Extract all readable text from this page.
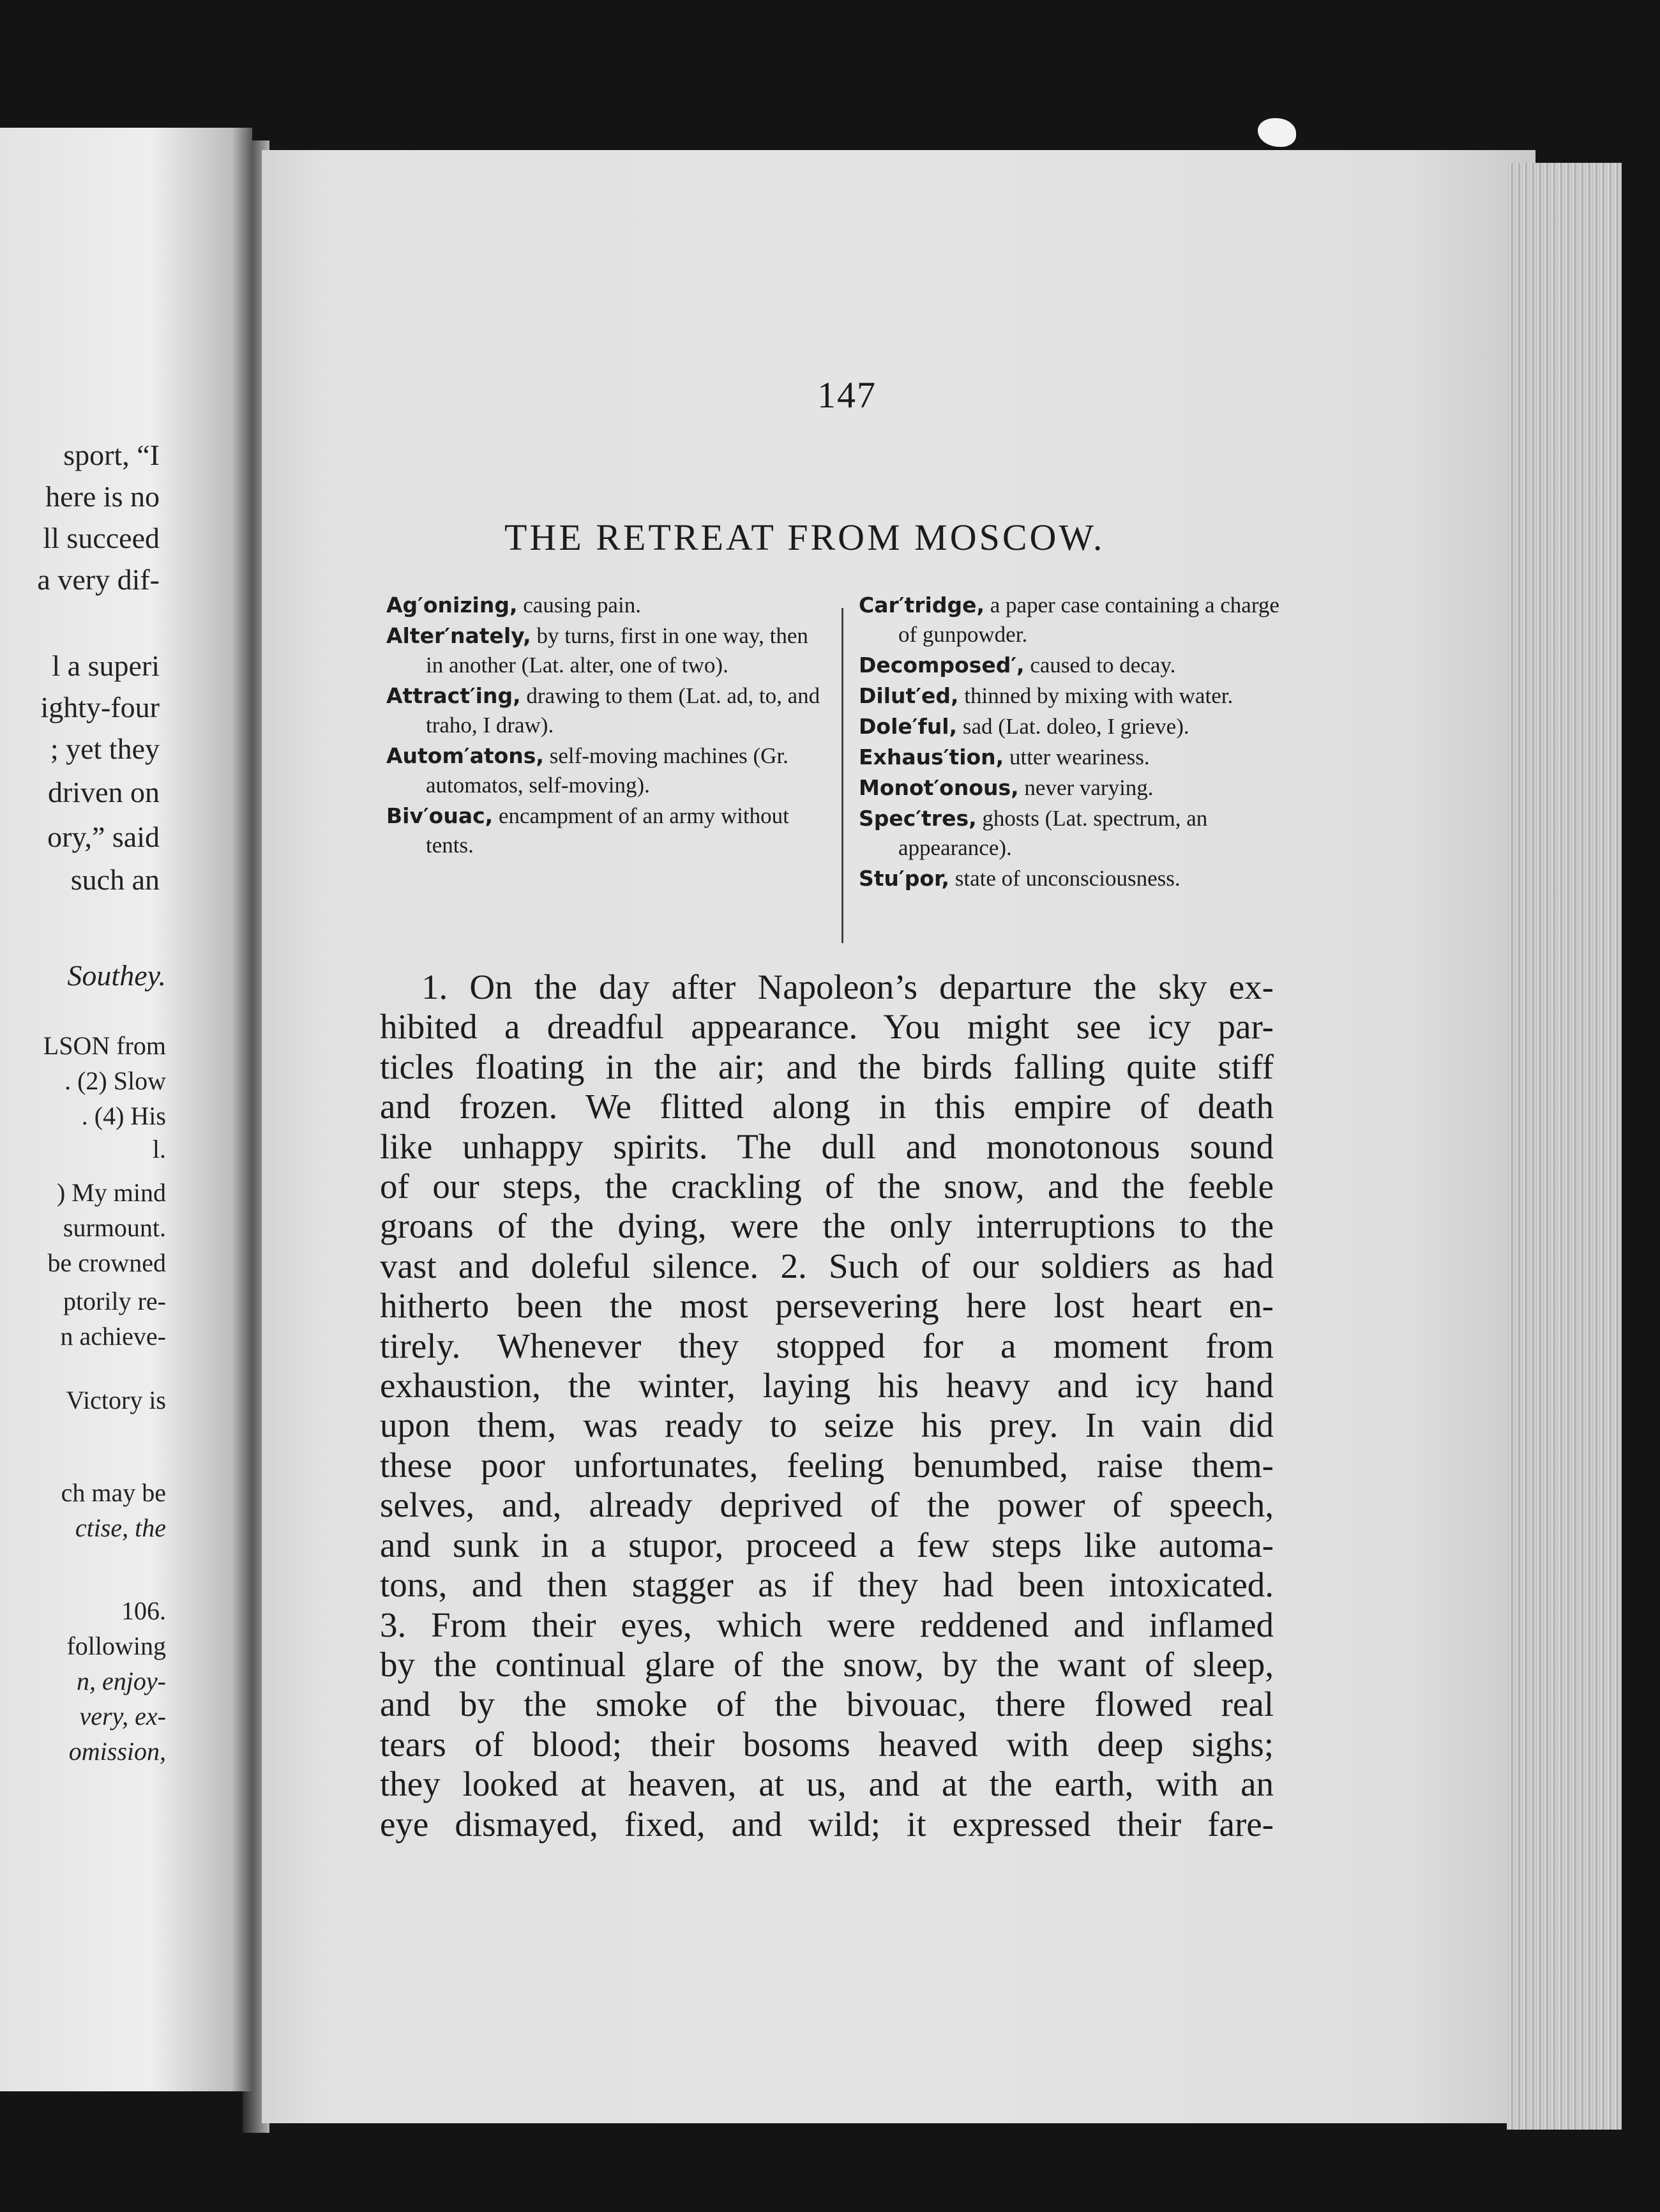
sport, “I
here is no
ll succeed
a very dif-
l a superi
ighty-four
; yet they
driven on
ory,” said
such an
Southey.
LSON from
. (2) Slow
. (4) His
l.
) My mind
surmount.
be crowned
ptorily re-
n achieve-
Victory is
ch may be
ctise, the
106.
following
n, enjoy-
very, ex-
omission,
147
THE RETREAT FROM MOSCOW.
Ag′onizing, causing pain.
Alter′nately, by turns, first in one way, then in another (Lat. alter, one of two).
Attract′ing, drawing to them (Lat. ad, to, and traho, I draw).
Autom′atons, self-moving machines (Gr. automatos, self-moving).
Biv′ouac, encampment of an army without tents.
Car′tridge, a paper case containing a charge of gunpowder.
Decomposed′, caused to decay.
Dilut′ed, thinned by mixing with water.
Dole′ful, sad (Lat. doleo, I grieve).
Exhaus′tion, utter weariness.
Monot′onous, never varying.
Spec′tres, ghosts (Lat. spectrum, an appearance).
Stu′por, state of unconsciousness.
1. On the day after Napoleon’s departure the sky ex-
hibited a dreadful appearance. You might see icy par-
ticles floating in the air; and the birds falling quite stiff
and frozen. We flitted along in this empire of death
like unhappy spirits. The dull and monotonous sound
of our steps, the crackling of the snow, and the feeble
groans of the dying, were the only interruptions to the
vast and doleful silence. 2. Such of our soldiers as had
hitherto been the most persevering here lost heart en-
tirely. Whenever they stopped for a moment from
exhaustion, the winter, laying his heavy and icy hand
upon them, was ready to seize his prey. In vain did
these poor unfortunates, feeling benumbed, raise them-
selves, and, already deprived of the power of speech,
and sunk in a stupor, proceed a few steps like automa-
tons, and then stagger as if they had been intoxicated.
3. From their eyes, which were reddened and inflamed
by the continual glare of the snow, by the want of sleep,
and by the smoke of the bivouac, there flowed real
tears of blood; their bosoms heaved with deep sighs;
they looked at heaven, at us, and at the earth, with an
eye dismayed, fixed, and wild; it expressed their fare-
